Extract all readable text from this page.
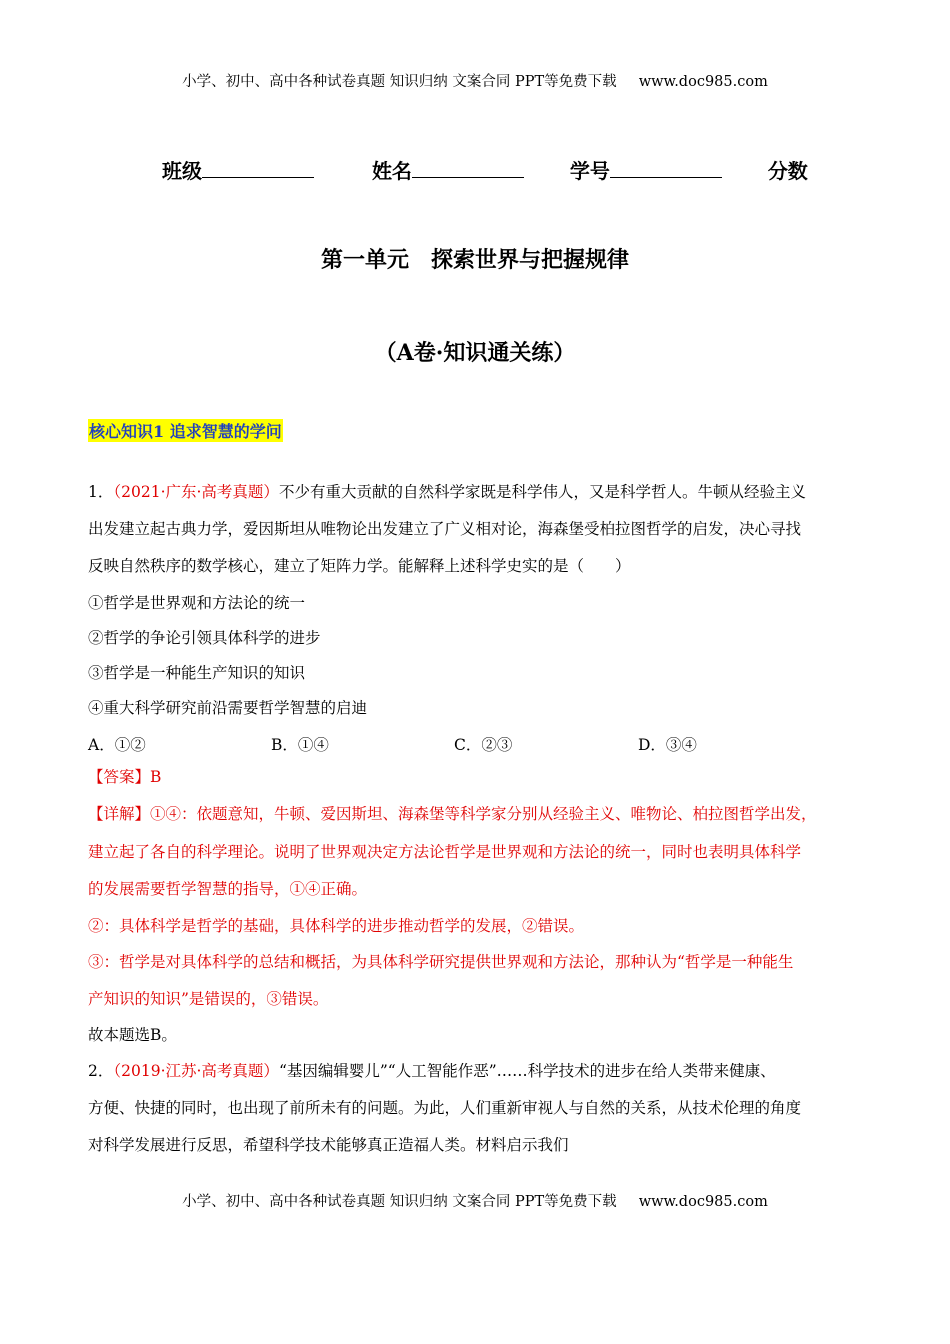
小学、初中、高中各种试卷真题 知识归纳 文案合同 PPT等免费下载 www.doc985.com
班级	姓名	学号	分数
第一单元　探索世界与把握规律
（A卷·知识通关练）
核心知识1 追求智慧的学问
1．（2021·广东·高考真题）不少有重大贡献的自然科学家既是科学伟人，又是科学哲人。牛顿从经验主义
出发建立起古典力学，爱因斯坦从唯物论出发建立了广义相对论，海森堡受柏拉图哲学的启发，决心寻找
反映自然秩序的数学核心，建立了矩阵力学。能解释上述科学史实的是（　　）
①哲学是世界观和方法论的统一
②哲学的争论引领具体科学的进步
③哲学是一种能生产知识的知识
④重大科学研究前沿需要哲学智慧的启迪
A．①②	B．①④	C．②③	D．③④
【答案】B
【详解】①④：依题意知，牛顿、爱因斯坦、海森堡等科学家分别从经验主义、唯物论、柏拉图哲学出发，
建立起了各自的科学理论。说明了世界观决定方法论哲学是世界观和方法论的统一，同时也表明具体科学
的发展需要哲学智慧的指导，①④正确。
②：具体科学是哲学的基础，具体科学的进步推动哲学的发展，②错误。
③：哲学是对具体科学的总结和概括，为具体科学研究提供世界观和方法论，那种认为“哲学是一种能生
产知识的知识”是错误的，③错误。
故本题选B。
2．（2019·江苏·高考真题）“基因编辑婴儿”“人工智能作恶”……科学技术的进步在给人类带来健康、
方便、快捷的同时，也出现了前所未有的问题。为此，人们重新审视人与自然的关系，从技术伦理的角度
对科学发展进行反思，希望科学技术能够真正造福人类。材料启示我们
小学、初中、高中各种试卷真题 知识归纳 文案合同 PPT等免费下载 www.doc985.com
